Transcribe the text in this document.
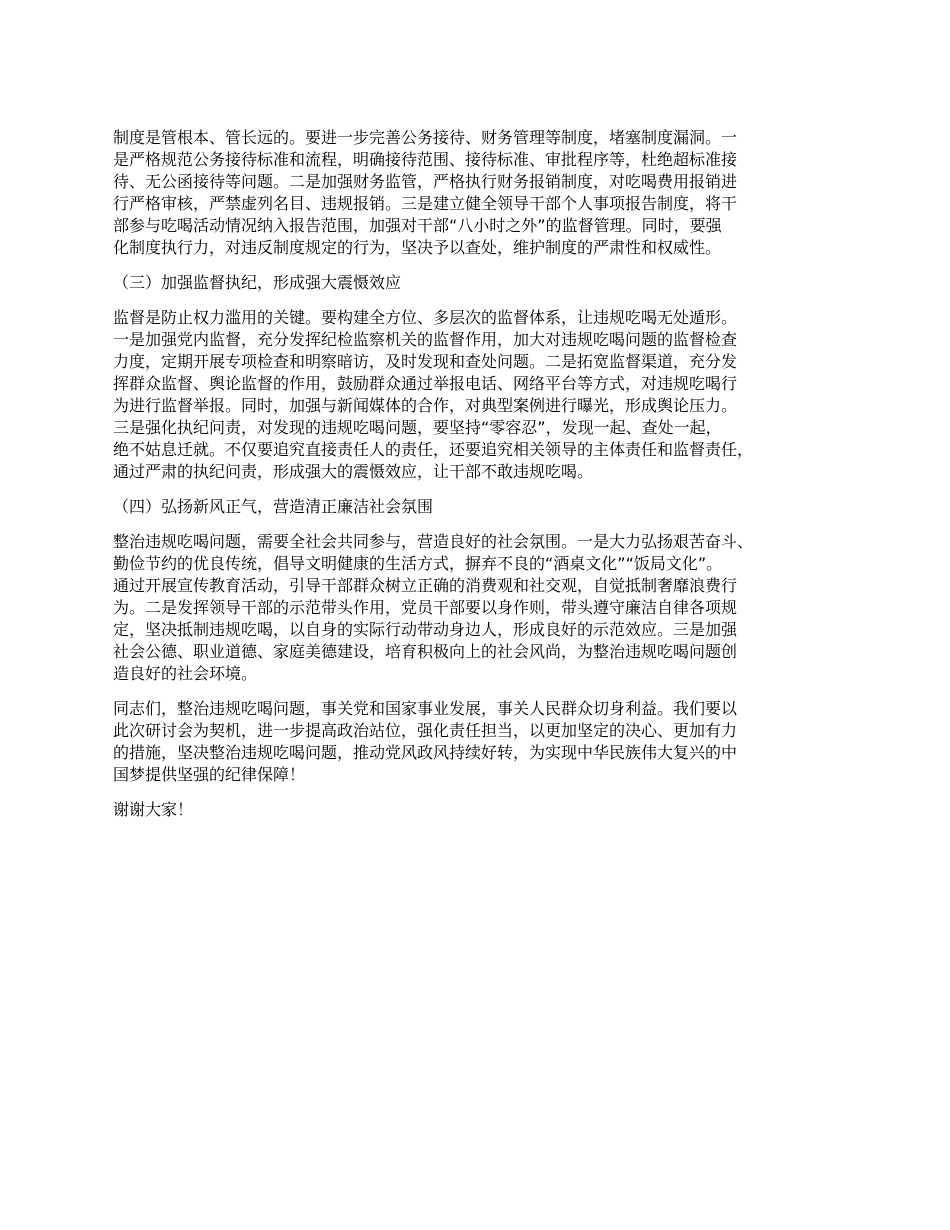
制度是管根本、管长远的。要进一步完善公务接待、财务管理等制度，堵塞制度漏洞。一
是严格规范公务接待标准和流程，明确接待范围、接待标准、审批程序等，杜绝超标准接
待、无公函接待等问题。二是加强财务监管，严格执行财务报销制度，对吃喝费用报销进
行严格审核，严禁虚列名目、违规报销。三是建立健全领导干部个人事项报告制度，将干
部参与吃喝活动情况纳入报告范围，加强对干部“八小时之外”的监督管理。同时，要强
化制度执行力，对违反制度规定的行为，坚决予以查处，维护制度的严肃性和权威性。
（三）加强监督执纪，形成强大震慑效应
监督是防止权力滥用的关键。要构建全方位、多层次的监督体系，让违规吃喝无处遁形。
一是加强党内监督，充分发挥纪检监察机关的监督作用，加大对违规吃喝问题的监督检查
力度，定期开展专项检查和明察暗访，及时发现和查处问题。二是拓宽监督渠道，充分发
挥群众监督、舆论监督的作用，鼓励群众通过举报电话、网络平台等方式，对违规吃喝行
为进行监督举报。同时，加强与新闻媒体的合作，对典型案例进行曝光，形成舆论压力。
三是强化执纪问责，对发现的违规吃喝问题，要坚持“零容忍”，发现一起、查处一起，
绝不姑息迁就。不仅要追究直接责任人的责任，还要追究相关领导的主体责任和监督责任，
通过严肃的执纪问责，形成强大的震慑效应，让干部不敢违规吃喝。
（四）弘扬新风正气，营造清正廉洁社会氛围
整治违规吃喝问题，需要全社会共同参与，营造良好的社会氛围。一是大力弘扬艰苦奋斗、
勤俭节约的优良传统，倡导文明健康的生活方式，摒弃不良的“酒桌文化”“饭局文化”。
通过开展宣传教育活动，引导干部群众树立正确的消费观和社交观，自觉抵制奢靡浪费行
为。二是发挥领导干部的示范带头作用，党员干部要以身作则，带头遵守廉洁自律各项规
定，坚决抵制违规吃喝，以自身的实际行动带动身边人，形成良好的示范效应。三是加强
社会公德、职业道德、家庭美德建设，培育积极向上的社会风尚，为整治违规吃喝问题创
造良好的社会环境。
同志们，整治违规吃喝问题，事关党和国家事业发展，事关人民群众切身利益。我们要以
此次研讨会为契机，进一步提高政治站位，强化责任担当，以更加坚定的决心、更加有力
的措施，坚决整治违规吃喝问题，推动党风政风持续好转，为实现中华民族伟大复兴的中
国梦提供坚强的纪律保障！
谢谢大家！
